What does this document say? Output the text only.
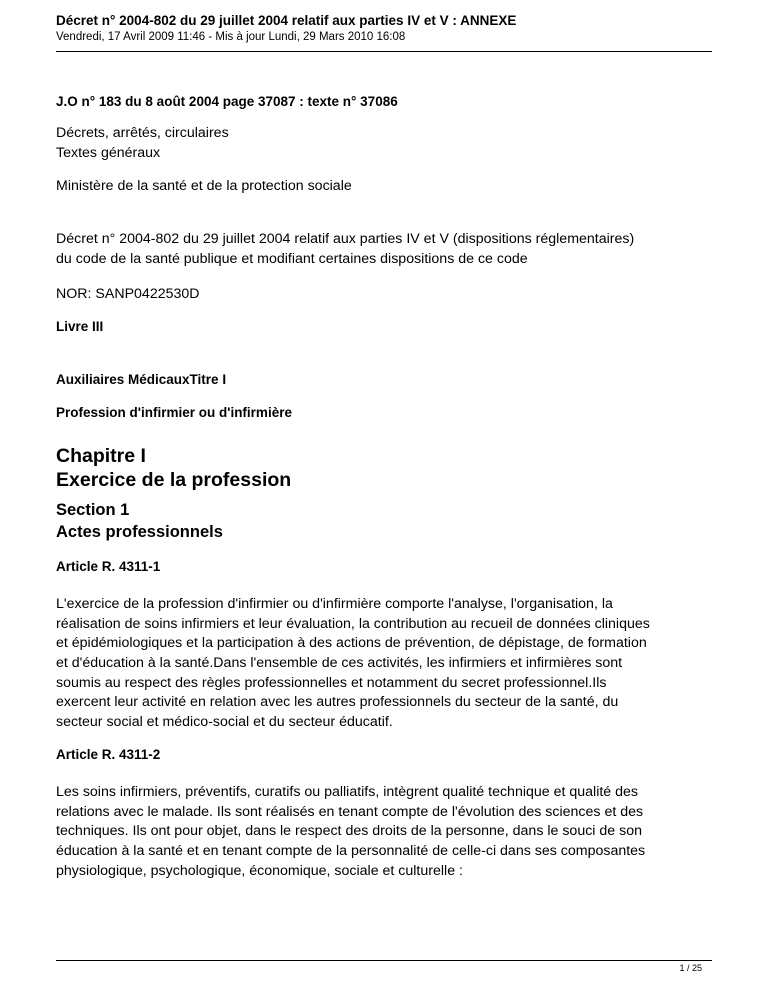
Décret n° 2004-802 du 29 juillet 2004 relatif aux parties IV et V : ANNEXE
Vendredi, 17 Avril 2009 11:46 - Mis à jour Lundi, 29 Mars 2010 16:08
J.O n° 183 du 8 août 2004 page 37087 : texte n° 37086
Décrets, arrêtés, circulaires
Textes généraux
Ministère de la santé et de la protection sociale
Décret n° 2004-802 du 29 juillet 2004 relatif aux parties IV et V (dispositions réglementaires)
du code de la santé publique et modifiant certaines dispositions de ce code
NOR: SANP0422530D
Livre III
Auxiliaires MédicauxTitre I
Profession d'infirmier ou d'infirmière
Chapitre I
Exercice de la profession
Section 1
Actes professionnels
Article R. 4311-1
L'exercice de la profession d'infirmier ou d'infirmière comporte l'analyse, l'organisation, la
réalisation de soins infirmiers et leur évaluation, la contribution au recueil de données cliniques
et épidémiologiques et la participation à des actions de prévention, de dépistage, de formation
et d'éducation à la santé.Dans l'ensemble de ces activités, les infirmiers et infirmières sont
soumis au respect des règles professionnelles et notamment du secret professionnel.Ils
exercent leur activité en relation avec les autres professionnels du secteur de la santé, du
secteur social et médico-social et du secteur éducatif.
Article R. 4311-2
Les soins infirmiers, préventifs, curatifs ou palliatifs, intègrent qualité technique et qualité des
relations avec le malade. Ils sont réalisés en tenant compte de l'évolution des sciences et des
techniques. Ils ont pour objet, dans le respect des droits de la personne, dans le souci de son
éducation à la santé et en tenant compte de la personnalité de celle-ci dans ses composantes
physiologique, psychologique, économique, sociale et culturelle :
1 / 25
